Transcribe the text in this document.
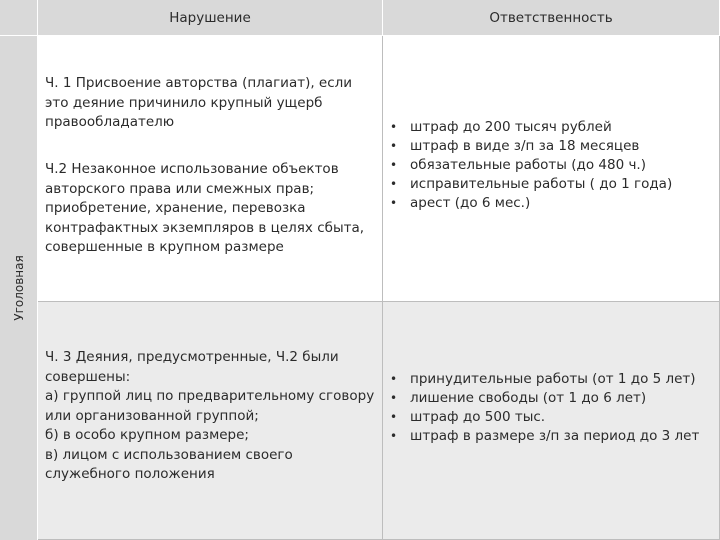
Нарушение	Ответственность
Уголовная

Ч. 1 Присвоение авторства (плагиат), если это деяние причинило крупный ущерб правообладателю

Ч.2 Незаконное использование объектов авторского права или смежных прав; приобретение, хранение, перевозка контрафактных экземпляров в целях сбыта, совершенные в крупном размере

• штраф до 200 тысяч рублей
• штраф в виде з/п за 18 месяцев
• обязательные работы (до 480 ч.)
• исправительные работы ( до 1 года)
• арест (до 6 мес.)

Ч. 3 Деяния, предусмотренные, Ч.2 были совершены:

а) группой лиц по предварительному сговору или организованной группой;

б) в особо крупном размере;

в) лицом с использованием своего служебного положения

• принудительные работы (от 1 до 5 лет)
• лишение свободы (от 1 до 6 лет)
• штраф до 500 тыс.
• штраф в размере з/п за период до 3 лет
